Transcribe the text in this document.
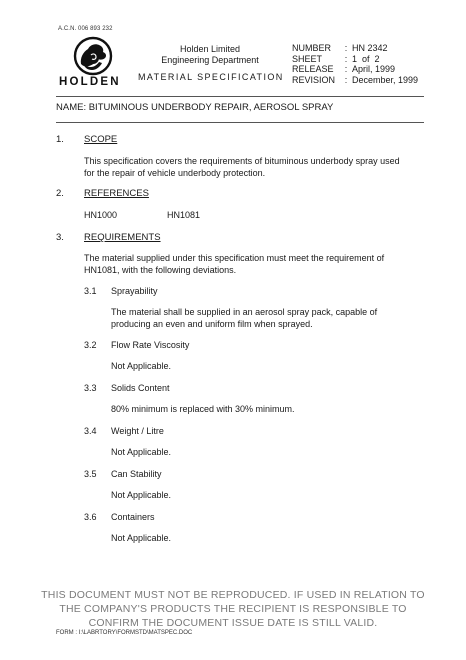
A.C.N. 006 893 232
HOLDEN
Holden Limited
Engineering Department
MATERIAL SPECIFICATION
NUMBER	: HN 2342
SHEET	: 1  of  2
RELEASE	: April, 1999
REVISION	: December, 1999
NAME: BITUMINOUS UNDERBODY REPAIR, AEROSOL SPRAY
1. SCOPE
This specification covers the requirements of bituminous underbody spray used
for the repair of vehicle underbody protection.
2. REFERENCES
HN1000	HN1081
3. REQUIREMENTS
The material supplied under this specification must meet the requirement of
HN1081, with the following deviations.
3.1 Sprayability
The material shall be supplied in an aerosol spray pack, capable of
producing an even and uniform film when sprayed.
3.2 Flow Rate Viscosity
Not Applicable.
3.3 Solids Content
80% minimum is replaced with 30% minimum.
3.4 Weight / Litre
Not Applicable.
3.5 Can Stability
Not Applicable.
3.6 Containers
Not Applicable.
THIS DOCUMENT MUST NOT BE REPRODUCED. IF USED IN RELATION TO
THE COMPANY'S PRODUCTS THE RECIPIENT IS RESPONSIBLE TO
CONFIRM THE DOCUMENT ISSUE DATE IS STILL VALID.
FORM : I:\LABRTORY\FORMSTD\MATSPEC.DOC
